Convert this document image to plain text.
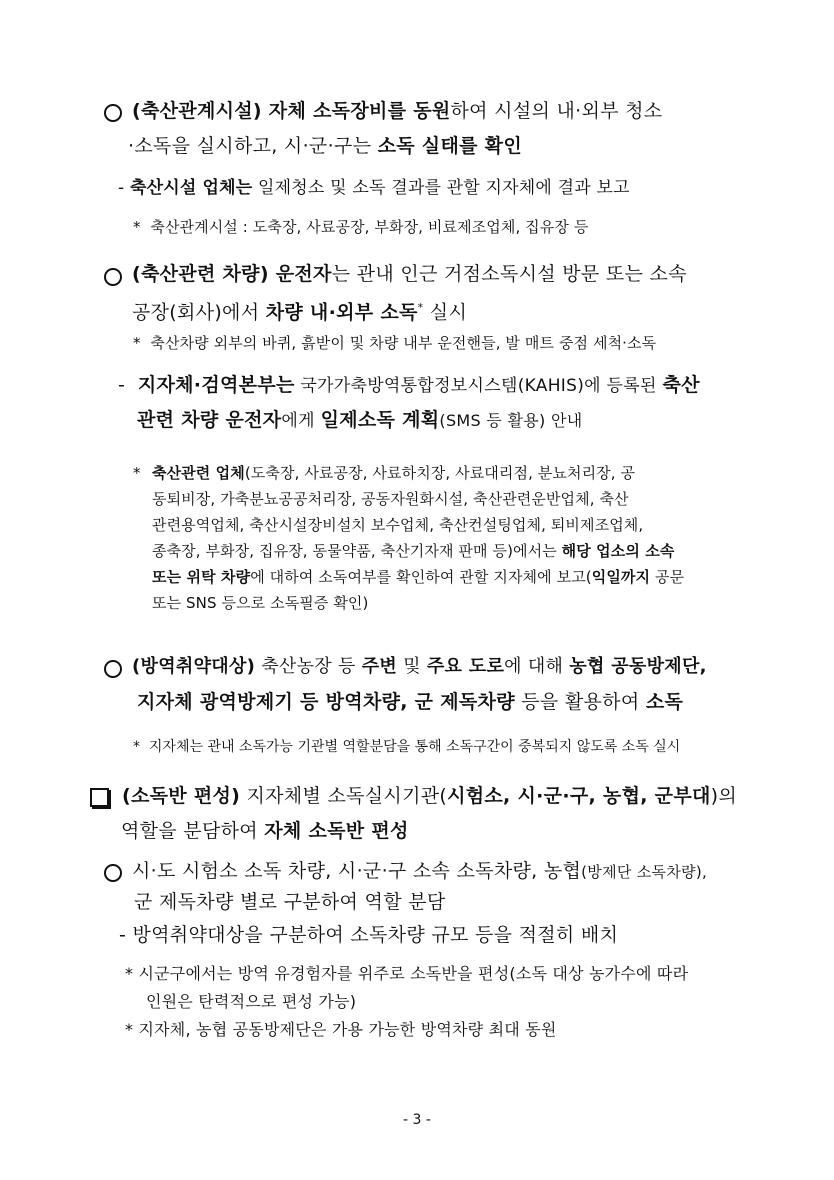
(축산관계시설) 자체 소독장비를 동원하여 시설의 내·외부 청소

·소독을 실시하고, 시·군·구는 소독 실태를 확인

- 축산시설 업체는 일제청소 및 소독 결과를 관할 지자체에 결과 보고

* 축산관계시설 : 도축장, 사료공장, 부화장, 비료제조업체, 집유장 등

(축산관련 차량) 운전자는 관내 인근 거점소독시설 방문 또는 소속

공장(회사)에서 차량 내·외부 소독* 실시

* 축산차량 외부의 바퀴, 흙받이 및 차량 내부 운전핸들, 발 매트 중점 세척·소독

- 지자체·검역본부는 국가가축방역통합정보시스템(KAHIS)에 등록된 축산

관련 차량 운전자에게 일제소독 계획(SMS 등 활용) 안내

* 축산관련 업체(도축장, 사료공장, 사료하치장, 사료대리점, 분뇨처리장, 공
동퇴비장, 가축분뇨공공처리장, 공동자원화시설, 축산관련운반업체, 축산
관련용역업체, 축산시설장비설치 보수업체, 축산컨설팅업체, 퇴비제조업체,
종축장, 부화장, 집유장, 동물약품, 축산기자재 판매 등)에서는 해당 업소의 소속
또는 위탁 차량에 대하여 소독여부를 확인하여 관할 지자체에 보고(익일까지 공문
또는 SNS 등으로 소독필증 확인)

(방역취약대상) 축산농장 등 주변 및 주요 도로에 대해 농협 공동방제단,

지자체 광역방제기 등 방역차량, 군 제독차량 등을 활용하여 소독

* 지자체는 관내 소독가능 기관별 역할분담을 통해 소독구간이 중복되지 않도록 소독 실시

(소독반 편성) 지자체별 소독실시기관(시험소, 시·군·구, 농협, 군부대)의

역할을 분담하여 자체 소독반 편성

시·도 시험소 소독 차량, 시·군·구 소속 소독차량, 농협(방제단 소독차량),

군 제독차량 별로 구분하여 역할 분담

- 방역취약대상을 구분하여 소독차량 규모 등을 적절히 배치

* 시군구에서는 방역 유경험자를 위주로 소독반을 편성(소독 대상 농가수에 따라
인원은 탄력적으로 편성 가능)

* 지자체, 농협 공동방제단은 가용 가능한 방역차량 최대 동원

- 3 -
